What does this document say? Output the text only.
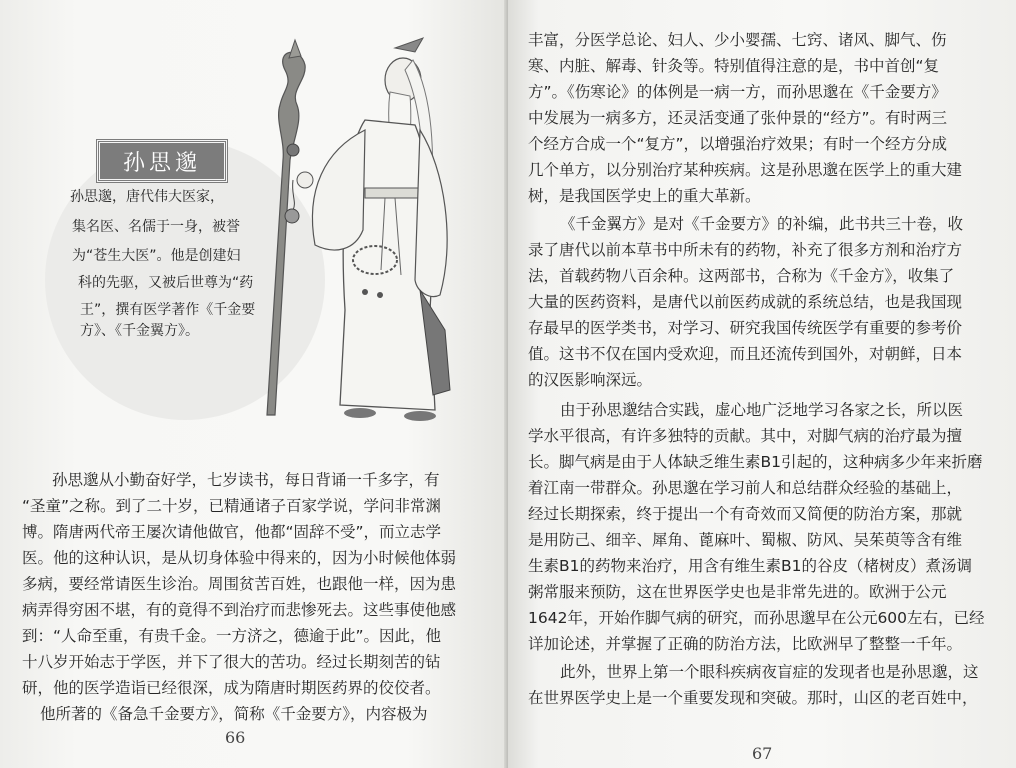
孙思邈
孙思邈，唐代伟大医家，
集名医、名儒于一身，被誉
为“苍生大医”。他是创建妇
科的先驱，又被后世尊为“药
王”，撰有医学著作《千金要
方》、《千金翼方》。
孙思邈从小勤奋好学，七岁读书，每日背诵一千多字，有
“圣童”之称。到了二十岁，已精通诸子百家学说，学问非常渊
博。隋唐两代帝王屡次请他做官，他都“固辞不受”，而立志学
医。他的这种认识，是从切身体验中得来的，因为小时候他体弱
多病，要经常请医生诊治。周围贫苦百姓，也跟他一样，因为患
病弄得穷困不堪，有的竟得不到治疗而悲惨死去。这些事使他感
到：“人命至重，有贵千金。一方济之，德逾于此”。因此，他
十八岁开始志于学医，并下了很大的苦功。经过长期刻苦的钻
研，他的医学造诣已经很深，成为隋唐时期医药界的佼佼者。
他所著的《备急千金要方》，简称《千金要方》，内容极为
66
丰富，分医学总论、妇人、少小婴孺、七窍、诸风、脚气、伤
寒、内脏、解毒、针灸等。特别值得注意的是，书中首创“复
方”。《伤寒论》的体例是一病一方，而孙思邈在《千金要方》
中发展为一病多方，还灵活变通了张仲景的“经方”。有时两三
个经方合成一个“复方”，以增强治疗效果；有时一个经方分成
几个单方，以分别治疗某种疾病。这是孙思邈在医学上的重大建
树，是我国医学史上的重大革新。
《千金翼方》是对《千金要方》的补编，此书共三十卷，收
录了唐代以前本草书中所未有的药物，补充了很多方剂和治疗方
法，首载药物八百余种。这两部书，合称为《千金方》，收集了
大量的医药资料，是唐代以前医药成就的系统总结，也是我国现
存最早的医学类书，对学习、研究我国传统医学有重要的参考价
值。这书不仅在国内受欢迎，而且还流传到国外，对朝鲜，日本
的汉医影响深远。
由于孙思邈结合实践，虚心地广泛地学习各家之长，所以医
学水平很高，有许多独特的贡献。其中，对脚气病的治疗最为擅
长。脚气病是由于人体缺乏维生素B1引起的，这种病多少年来折磨
着江南一带群众。孙思邈在学习前人和总结群众经验的基础上，
经过长期探索，终于提出一个有奇效而又简便的防治方案，那就
是用防己、细辛、犀角、蓖麻叶、蜀椒、防风、吴茱萸等含有维
生素B1的药物来治疗，用含有维生素B1的谷皮（楮树皮）煮汤调
粥常服来预防，这在世界医学史也是非常先进的。欧洲于公元
1642年，开始作脚气病的研究，而孙思邈早在公元600左右，已经
详加论述，并掌握了正确的防治方法，比欧洲早了整整一千年。
此外，世界上第一个眼科疾病夜盲症的发现者也是孙思邈，这
在世界医学史上是一个重要发现和突破。那时，山区的老百姓中，
67
